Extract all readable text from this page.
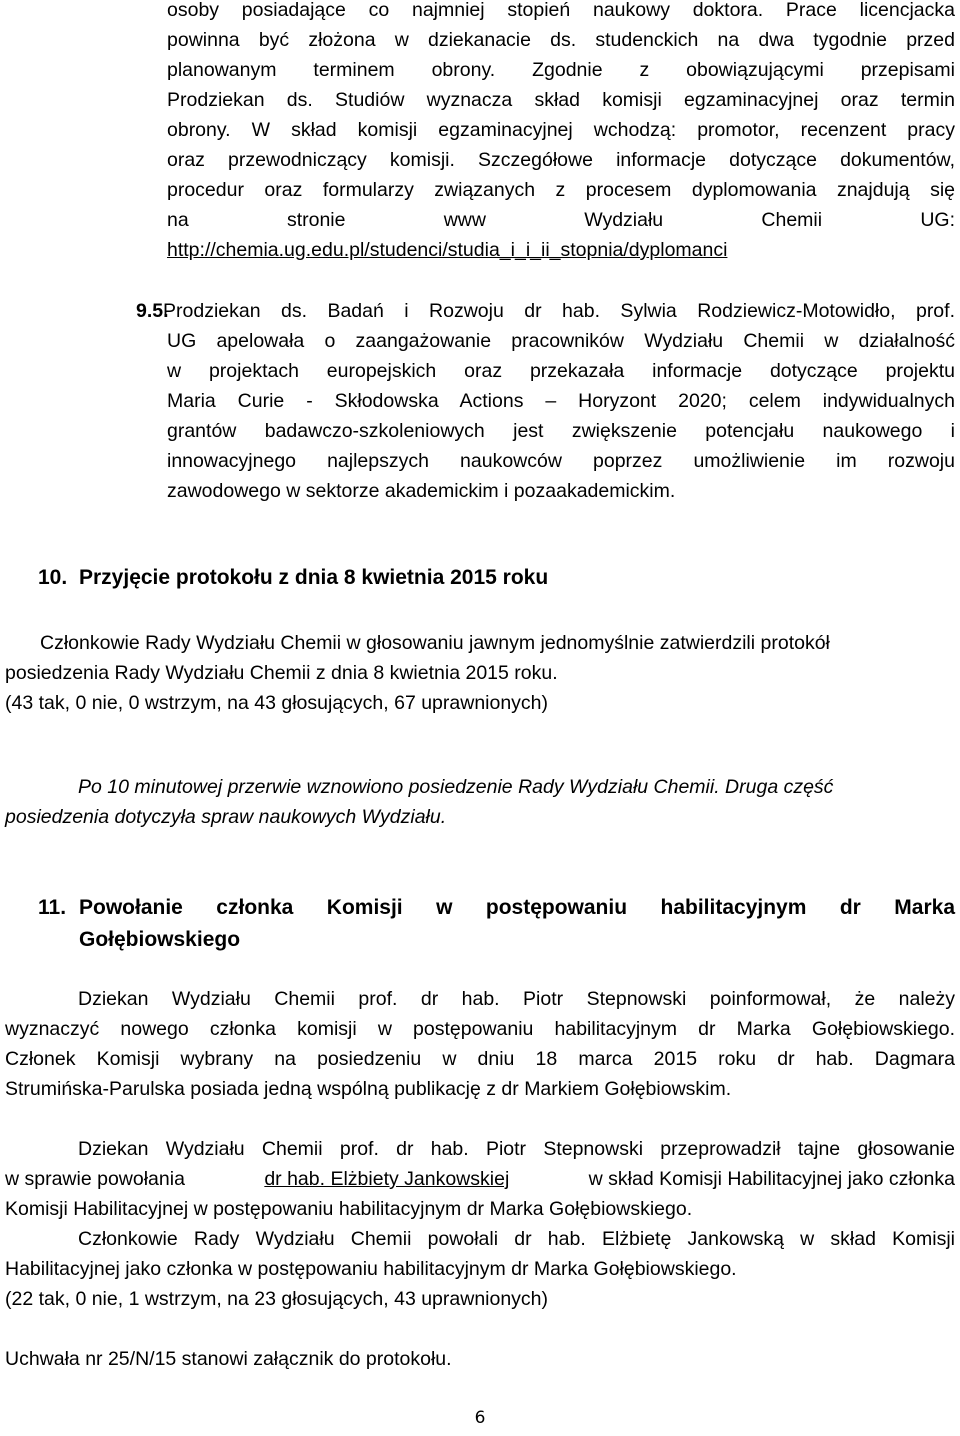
osoby posiadające co najmniej stopień naukowy doktora. Prace licencjacka
powinna być złożona w dziekanacie ds. studenckich na dwa tygodnie przed
planowanym terminem obrony. Zgodnie z obowiązującymi przepisami
Prodziekan ds. Studiów wyznacza skład komisji egzaminacyjnej oraz termin
obrony. W skład komisji egzaminacyjnej wchodzą: promotor, recenzent pracy
oraz przewodniczący komisji. Szczegółowe informacje dotyczące dokumentów,
procedur oraz formularzy związanych z procesem dyplomowania znajdują się
na stronie www Wydziału Chemii UG:
http://chemia.ug.edu.pl/studenci/studia_i_i_ii_stopnia/dyplomanci
9.5.
Prodziekan ds. Badań i Rozwoju dr hab. Sylwia Rodziewicz-Motowidło, prof.
UG apelowała o zaangażowanie pracowników Wydziału Chemii w działalność
w projektach europejskich oraz przekazała informacje dotyczące projektu
Maria Curie - Skłodowska Actions – Horyzont 2020; celem indywidualnych
grantów badawczo-szkoleniowych jest zwiększenie potencjału naukowego i
innowacyjnego najlepszych naukowców poprzez umożliwienie im rozwoju
zawodowego w sektorze akademickim i pozaakademickim.
10. Przyjęcie protokołu z dnia 8 kwietnia 2015 roku
Członkowie Rady Wydziału Chemii w głosowaniu jawnym jednomyślnie zatwierdzili protokół
posiedzenia Rady Wydziału Chemii z dnia 8 kwietnia 2015 roku.
(43 tak, 0 nie, 0 wstrzym, na 43 głosujących, 67 uprawnionych)
Po 10 minutowej przerwie wznowiono posiedzenie Rady Wydziału Chemii. Druga część
posiedzenia dotyczyła spraw naukowych Wydziału.
11. Powołanie członka Komisji w postępowaniu habilitacyjnym dr Marka
Gołębiowskiego
Dziekan Wydziału Chemii prof. dr hab. Piotr Stepnowski poinformował, że należy
wyznaczyć nowego członka komisji w postępowaniu habilitacyjnym dr Marka Gołębiowskiego.
Członek Komisji wybrany na posiedzeniu w dniu 18 marca 2015 roku dr hab. Dagmara
Strumińska-Parulska posiada jedną wspólną publikację z dr Markiem Gołębiowskim.
Dziekan Wydziału Chemii prof. dr hab. Piotr Stepnowski przeprowadził tajne głosowanie
w sprawie powołania	dr hab. Elżbiety Jankowskiej	w skład Komisji Habilitacyjnej jako członka
Komisji Habilitacyjnej w postępowaniu habilitacyjnym dr Marka Gołębiowskiego.
Członkowie Rady Wydziału Chemii powołali dr hab. Elżbietę Jankowską w skład Komisji
Habilitacyjnej jako członka w postępowaniu habilitacyjnym dr Marka Gołębiowskiego.
(22 tak, 0 nie, 1 wstrzym, na 23 głosujących, 43 uprawnionych)
Uchwała nr 25/N/15 stanowi załącznik do protokołu.
6
